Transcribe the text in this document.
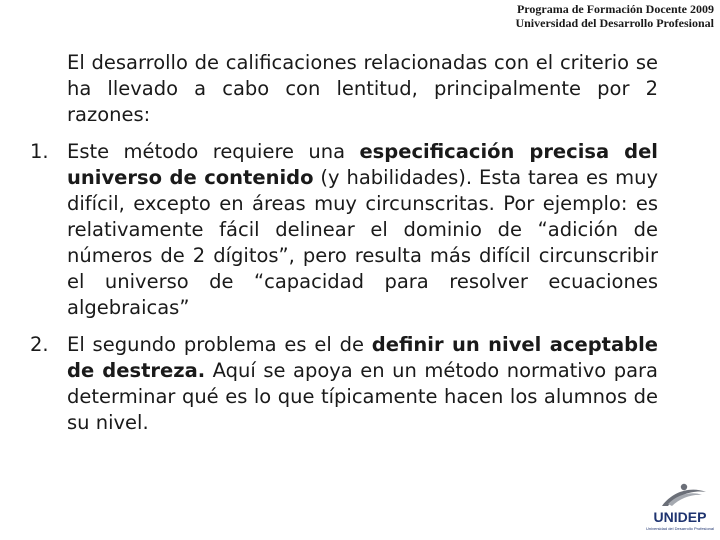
Programa de Formación Docente 2009
Universidad del Desarrollo Profesional

El desarrollo de calificaciones relacionadas con el criterio se ha llevado a cabo con lentitud, principalmente por 2 razones:

1. Este método requiere una especificación precisa del universo de contenido (y habilidades). Esta tarea es muy difícil, excepto en áreas muy circunscritas. Por ejemplo: es relativamente fácil delinear el dominio de “adición de números de 2 dígitos”, pero resulta más difícil circunscribir el universo de “capacidad para resolver ecuaciones algebraicas”
2. El segundo problema es el de definir un nivel aceptable de destreza. Aquí se apoya en un método normativo para determinar qué es lo que típicamente hacen los alumnos de su nivel.
UNIDEP
Universidad del Desarrollo Profesional
